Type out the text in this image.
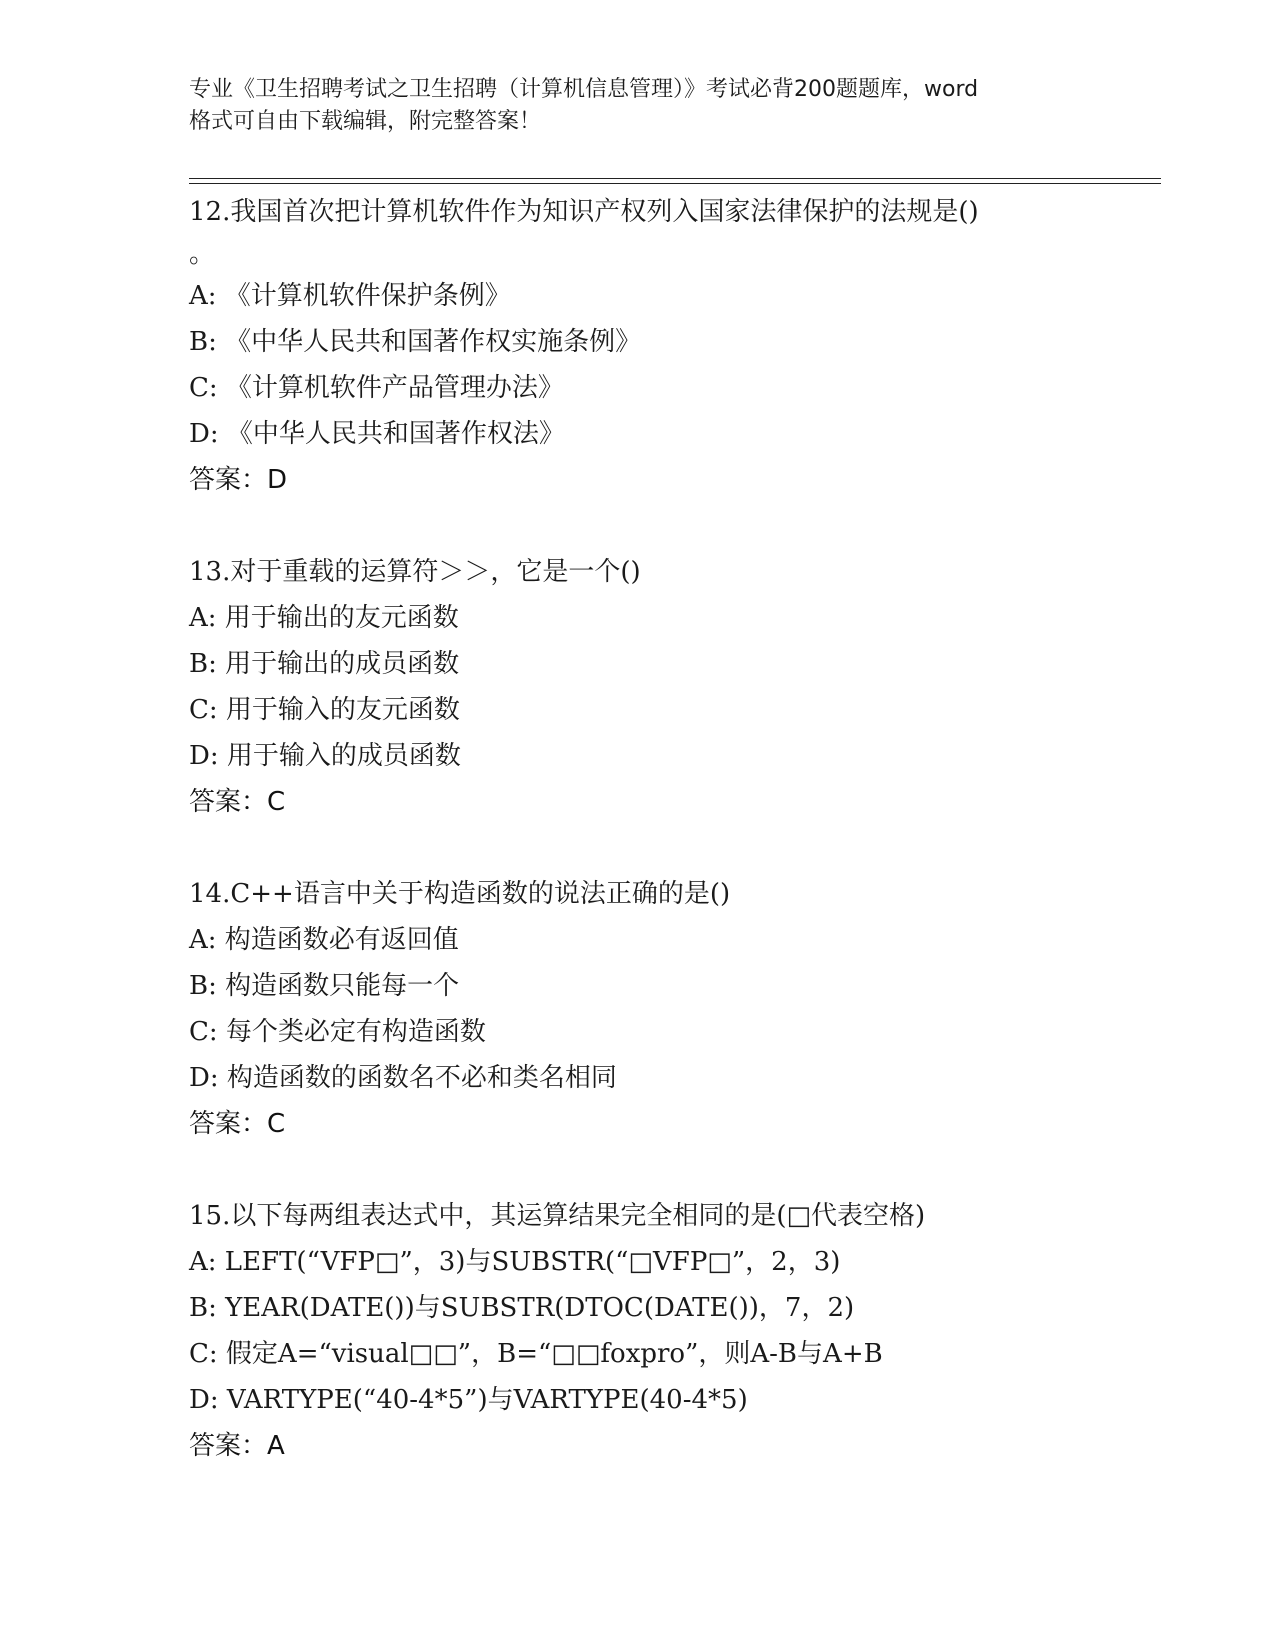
专业《卫生招聘考试之卫生招聘（计算机信息管理）》考试必背200题题库，word
格式可自由下载编辑，附完整答案！
12.我国首次把计算机软件作为知识产权列入国家法律保护的法规是()
。
A: 《计算机软件保护条例》
B: 《中华人民共和国著作权实施条例》
C: 《计算机软件产品管理办法》
D: 《中华人民共和国著作权法》
答案：D
13.对于重载的运算符＞＞，它是一个()
A: 用于输出的友元函数
B: 用于输出的成员函数
C: 用于输入的友元函数
D: 用于输入的成员函数
答案：C
14.C++语言中关于构造函数的说法正确的是()
A: 构造函数必有返回值
B: 构造函数只能每一个
C: 每个类必定有构造函数
D: 构造函数的函数名不必和类名相同
答案：C
15.以下每两组表达式中，其运算结果完全相同的是(□代表空格)
A: LEFT(“VFP□”，3)与SUBSTR(“□VFP□”，2，3)
B: YEAR(DATE())与SUBSTR(DTOC(DATE())，7，2)
C: 假定A=“visual□□”，B=“□□foxpro”，则A-B与A+B
D: VARTYPE(“40-4*5”)与VARTYPE(40-4*5)
答案：A
